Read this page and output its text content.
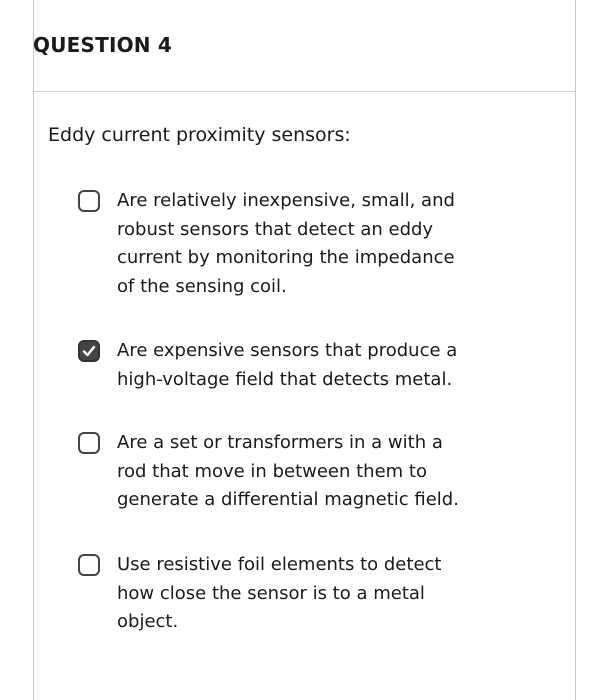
QUESTION 4
Eddy current proximity sensors:
Are relatively inexpensive, small, and robust sensors that detect an eddy current by monitoring the impedance of the sensing coil.
Are expensive sensors that produce a high-voltage field that detects metal.
Are a set or transformers in a with a rod that move in between them to generate a differential magnetic field.
Use resistive foil elements to detect how close the sensor is to a metal object.
